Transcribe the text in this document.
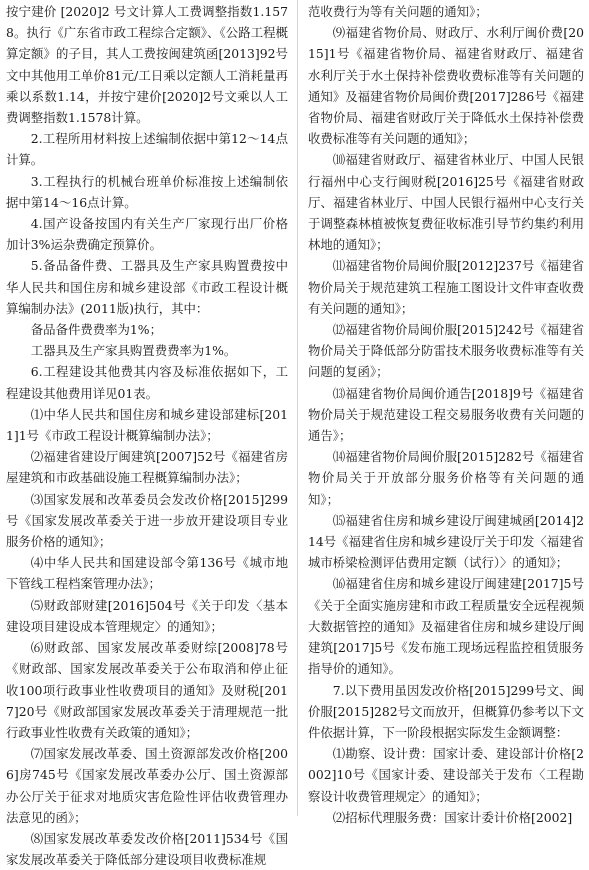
按宁建价 [2020]2 号文计算人工费调整指数1.1578。执行《广东省市政工程综合定额》、《公路工程概算定额》的子目，其人工费按闽建筑函[2013]92号文中其他用工单价81元/工日乘以定额人工消耗量再乘以系数1.14，并按宁建价[2020]2号文乘以人工费调整指数1.1578计算。

2.工程所用材料按上述编制依据中第12～14点计算。

3.工程执行的机械台班单价标准按上述编制依据中第14～16点计算。

4.国产设备按国内有关生产厂家现行出厂价格加计3%运杂费确定预算价。

5.备品备件费、工器具及生产家具购置费按中华人民共和国住房和城乡建设部《市政工程设计概算编制办法》(2011版)执行，其中：

备品备件费费率为1%；

工器具及生产家具购置费费率为1%。

6.工程建设其他费其内容及标准依据如下，工程建设其他费用详见01表。

⑴中华人民共和国住房和城乡建设部建标[2011]1号《市政工程设计概算编制办法》；

⑵福建省建设厅闽建筑[2007]52号《福建省房屋建筑和市政基础设施工程概算编制办法》；

⑶国家发展和改革委员会发改价格[2015]299号《国家发展改革委关于进一步放开建设项目专业服务价格的通知》；

⑷中华人民共和国建设部令第136号《城市地下管线工程档案管理办法》；

⑸财政部财建[2016]504号《关于印发〈基本建设项目建设成本管理规定〉的通知》；

⑹财政部、国家发展改革委财综[2008]78号《财政部、国家发展改革委关于公布取消和停止征收100项行政事业性收费项目的通知》及财税[2017]20号《财政部国家发展改革委关于清理规范一批行政事业性收费有关政策的通知》；

⑺国家发展改革委、国土资源部发改价格[2006]房745号《国家发展改革委办公厅、国土资源部办公厅关于征求对地质灾害危险性评估收费管理办法意见的函》；

⑻国家发展改革委发改价格[2011]534号《国家发展改革委关于降低部分建设项目收费标准规

范收费行为等有关问题的通知》；

⑼福建省物价局、财政厅、水利厅闽价费[2015]1号《福建省物价局、福建省财政厅、福建省水利厅关于水土保持补偿费收费标准等有关问题的通知》及福建省物价局闽价费[2017]286号《福建省物价局、福建省财政厅关于降低水土保持补偿费收费标准等有关问题的通知》；

⑽福建省财政厅、福建省林业厅、中国人民银行福州中心支行闽财税[2016]25号《福建省财政厅、福建省林业厅、中国人民银行福州中心支行关于调整森林植被恢复费征收标准引导节约集约利用林地的通知》；

⑾福建省物价局闽价服[2012]237号《福建省物价局关于规范建筑工程施工图设计文件审查收费有关问题的通知》；

⑿福建省物价局闽价服[2015]242号《福建省物价局关于降低部分防雷技术服务收费标准等有关问题的复函》；

⒀福建省物价局闽价通告[2018]9号《福建省物价局关于规范建设工程交易服务收费有关问题的通告》；

⒁福建省物价局闽价服[2015]282号《福建省物价局关于开放部分服务价格等有关问题的通知》；

⒂福建省住房和城乡建设厅闽建城函[2014]214号《福建省住房和城乡建设厅关于印发〈福建省城市桥梁检测评估费用定额（试行）〉的通知》；

⒃福建省住房和城乡建设厅闽建建[2017]5号《关于全面实施房建和市政工程质量安全远程视频大数据管控的通知》及福建省住房和城乡建设厅闽建筑[2017]5号《发布施工现场远程监控租赁服务指导价的通知》。

7.以下费用虽因发改价格[2015]299号文、闽价服[2015]282号文而放开，但概算仍参考以下文件依据计算，下一阶段根据实际发生金额调整：

⑴勘察、设计费：国家计委、建设部计价格[2002]10号《国家计委、建设部关于发布〈工程勘察设计收费管理规定〉的通知》；

⑵招标代理服务费：国家计委计价格[2002]
